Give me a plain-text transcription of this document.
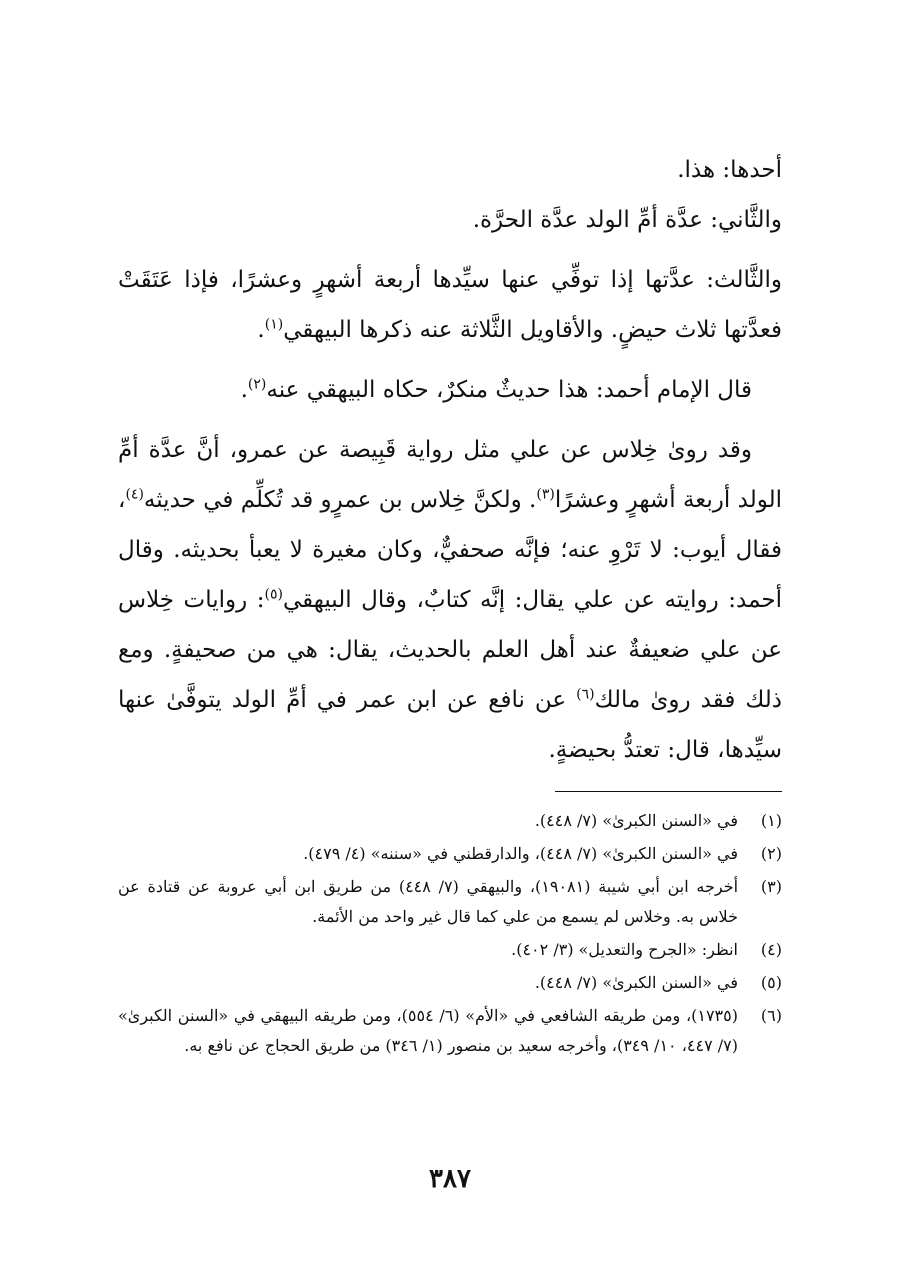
أحدها: هذا.

والثَّاني: عدَّة أمِّ الولد عدَّة الحرَّة.

والثَّالث: عدَّتها إذا توفِّي عنها سيِّدها أربعة أشهرٍ وعشرًا، فإذا عَتَقَتْ فعدَّتها ثلاث حيضٍ. والأقاويل الثَّلاثة عنه ذكرها البيهقي$^{(١)}$.

قال الإمام أحمد: هذا حديثٌ منكرٌ، حكاه البيهقي عنه$^{(٢)}$.

وقد روىٰ خِلاس عن علي مثل رواية قَبِيصة عن عمرو، أنَّ عدَّة أمِّ الولد أربعة أشهرٍ وعشرًا$^{(٣)}$. ولكنَّ خِلاس بن عمرٍو قد تُكلِّم في حديثه$^{(٤)}$، فقال أيوب: لا تَرْوِ عنه؛ فإنَّه صحفيٌّ، وكان مغيرة لا يعبأ بحديثه. وقال أحمد: روايته عن علي يقال: إنَّه كتابٌ، وقال البيهقي$^{(٥)}$: روايات خِلاس عن علي ضعيفةٌ عند أهل العلم بالحديث، يقال: هي من صحيفةٍ. ومع ذلك فقد روىٰ مالك$^{(٦)}$ عن نافع عن ابن عمر في أمِّ الولد يتوفَّىٰ عنها سيِّدها، قال: تعتدُّ بحيضةٍ.

(١)
في «السنن الكبرىٰ» (٧/ ٤٤٨).
(٢)
في «السنن الكبرىٰ» (٧/ ٤٤٨)، والدارقطني في «سننه» (٤/ ٤٧٩).
(٣)
أخرجه ابن أبي شيبة (١٩٠٨١)، والبيهقي (٧/ ٤٤٨) من طريق ابن أبي عروبة عن قتادة عن خلاس به. وخلاس لم يسمع من علي كما قال غير واحد من الأئمة.
(٤)
انظر: «الجرح والتعديل» (٣/ ٤٠٢).
(٥)
في «السنن الكبرىٰ» (٧/ ٤٤٨).
(٦)
(١٧٣٥)، ومن طريقه الشافعي في «الأم» (٦/ ٥٥٤)، ومن طريقه البيهقي في «السنن الكبرىٰ» (٧/ ٤٤٧، ١٠/ ٣٤٩)، وأخرجه سعيد بن منصور (١/ ٣٤٦) من طريق الحجاج عن نافع به.
٣٨٧
